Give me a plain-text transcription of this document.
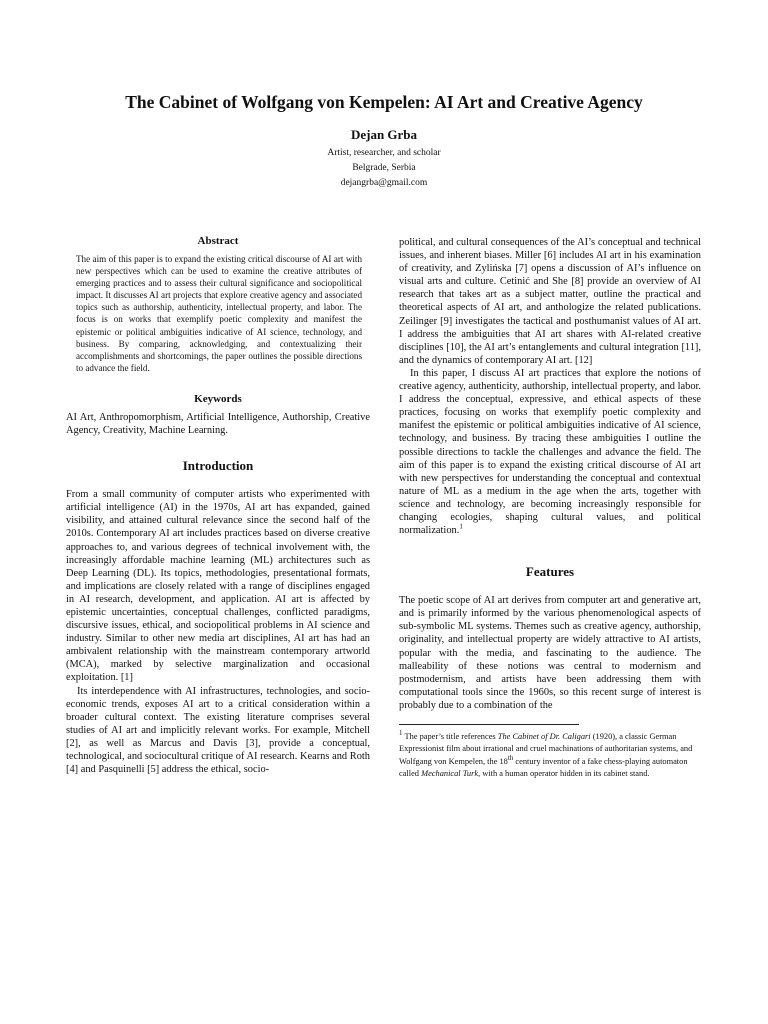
The Cabinet of Wolfgang von Kempelen: AI Art and Creative Agency
Dejan Grba
Artist, researcher, and scholar
Belgrade, Serbia
dejangrba@gmail.com
Abstract

The aim of this paper is to expand the existing critical discourse of AI art with new perspectives which can be used to examine the creative attributes of emerging practices and to assess their cultural significance and sociopolitical impact. It discusses AI art projects that explore creative agency and associated topics such as authorship, authenticity, intellectual property, and labor. The focus is on works that exemplify poetic complexity and manifest the epistemic or political ambiguities indicative of AI science, technology, and business. By comparing, acknowledging, and contextualizing their accomplishments and shortcomings, the paper outlines the possible directions to advance the field.

Keywords

AI Art, Anthropomorphism, Artificial Intelligence, Authorship, Creative Agency, Creativity, Machine Learning.

Introduction

From a small community of computer artists who experimented with artificial intelligence (AI) in the 1970s, AI art has expanded, gained visibility, and attained cultural relevance since the second half of the 2010s. Contemporary AI art includes practices based on diverse creative approaches to, and various degrees of technical involvement with, the increasingly affordable machine learning (ML) architectures such as Deep Learning (DL). Its topics, methodologies, presentational formats, and implications are closely related with a range of disciplines engaged in AI research, development, and application. AI art is affected by epistemic uncertainties, conceptual challenges, conflicted paradigms, discursive issues, ethical, and sociopolitical problems in AI science and industry. Similar to other new media art disciplines, AI art has had an ambivalent relationship with the mainstream contemporary artworld (MCA), marked by selective marginalization and occasional exploitation. [1]

Its interdependence with AI infrastructures, technologies, and socio-economic trends, exposes AI art to a critical consideration within a broader cultural context. The existing literature comprises several studies of AI art and implicitly relevant works. For example, Mitchell [2], as well as Marcus and Davis [3], provide a conceptual, technological, and sociocultural critique of AI research. Kearns and Roth [4] and Pasquinelli [5] address the ethical, socio-

political, and cultural consequences of the AI’s conceptual and technical issues, and inherent biases. Miller [6] includes AI art in his examination of creativity, and Zylińska [7] opens a discussion of AI’s influence on visual arts and culture. Cetinić and She [8] provide an overview of AI research that takes art as a subject matter, outline the practical and theoretical aspects of AI art, and anthologize the related publications. Zeilinger [9] investigates the tactical and posthumanist values of AI art. I address the ambiguities that AI art shares with AI-related creative disciplines [10], the AI art’s entanglements and cultural integration [11], and the dynamics of contemporary AI art. [12]

In this paper, I discuss AI art practices that explore the notions of creative agency, authenticity, authorship, intellectual property, and labor. I address the conceptual, expressive, and ethical aspects of these practices, focusing on works that exemplify poetic complexity and manifest the epistemic or political ambiguities indicative of AI science, technology, and business. By tracing these ambiguities I outline the possible directions to tackle the challenges and advance the field. The aim of this paper is to expand the existing critical discourse of AI art with new perspectives for understanding the conceptual and contextual nature of ML as a medium in the age when the arts, together with science and technology, are becoming increasingly responsible for changing ecologies, shaping cultural values, and political normalization.$^1$

Features

The poetic scope of AI art derives from computer art and generative art, and is primarily informed by the various phenomenological aspects of sub-symbolic ML systems. Themes such as creative agency, authorship, originality, and intellectual property are widely attractive to AI artists, popular with the media, and fascinating to the audience. The malleability of these notions was central to modernism and postmodernism, and artists have been addressing them with computational tools since the 1960s, so this recent surge of interest is probably due to a combination of the

$^1$ The paper’s title references The Cabinet of Dr. Caligari (1920), a classic German Expressionist film about irrational and cruel machinations of authoritarian systems, and Wolfgang von Kempelen, the 18th century inventor of a fake chess-playing automaton called Mechanical Turk, with a human operator hidden in its cabinet stand.
